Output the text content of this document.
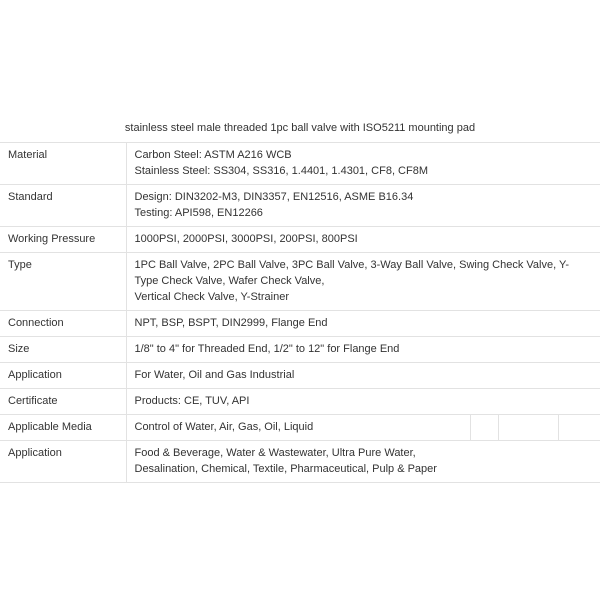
stainless steel male threaded 1pc ball valve with ISO5211 mounting pad
Material	Carbon Steel: ASTM A216 WCB
Stainless Steel: SS304, SS316, 1.4401, 1.4301, CF8, CF8M

Standard	Design: DIN3202-M3, DIN3357, EN12516, ASME B16.34
Testing: API598, EN12266

Working Pressure	1000PSI, 2000PSI, 3000PSI, 200PSI, 800PSI

Type	1PC Ball Valve, 2PC Ball Valve, 3PC Ball Valve, 3-Way Ball Valve, Swing Check Valve, Y-
Type Check Valve, Wafer Check Valve,
Vertical Check Valve, Y-Strainer

Connection	NPT, BSP, BSPT, DIN2999, Flange End

Size	1/8" to 4" for Threaded End, 1/2" to 12" for Flange End

Application	For Water, Oil and Gas Industrial

Certificate	Products: CE, TUV, API

Applicable Media	Control of Water, Air, Gas, Oil, Liquid

Application	Food & Beverage, Water & Wastewater, Ultra Pure Water,
Desalination, Chemical, Textile, Pharmaceutical, Pulp & Paper
